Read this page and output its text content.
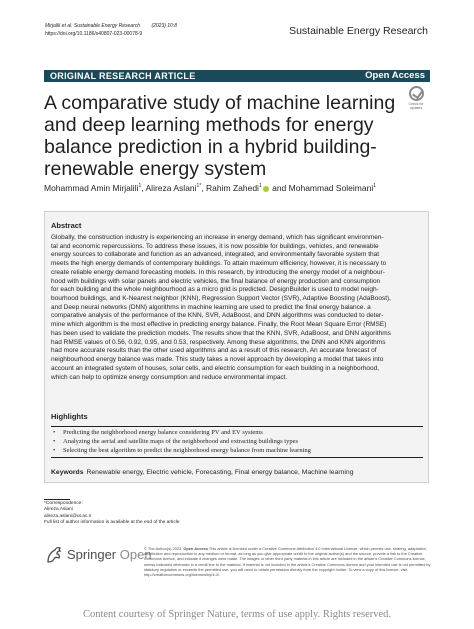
Mirjalili et al. Sustainable Energy Research (2023) 10:8
https://doi.org/10.1186/s40807-023-00078-9	Sustainable Energy Research
ORIGINAL RESEARCH ARTICLE	Open Access
A comparative study of machine learning and deep learning methods for energy balance prediction in a hybrid building-renewable energy system
Check for updates
Mohammad Amin Mirjalili$^1$, Alireza Aslani$^{1*}$, Rahim Zahedi$^1$ and Mohammad Soleimani$^1$
Abstract
Globally, the construction industry is experiencing an increase in energy demand, which has significant environmen-
tal and economic repercussions. To address these issues, it is now possible for buildings, vehicles, and renewable
energy sources to collaborate and function as an advanced, integrated, and environmentally favorable system that
meets the high energy demands of contemporary buildings. To attain maximum efficiency, however, it is necessary to
create reliable energy demand forecasting models. In this research, by introducing the energy model of a neighbour-
hood with buildings with solar panels and electric vehicles, the final balance of energy production and consumption
for each building and the whole neighbourhood as a micro grid is predicted. DesignBuilder is used to model neigh-
bourhood buildings, and K-Nearest neighbor (KNN), Regression Support Vector (SVR), Adaptive Boosting (AdaBoost),
and Deep neural networks (DNN) algorithms in machine learning are used to predict the final energy balance. a
comparative analysis of the performance of the KNN, SVR, AdaBoost, and DNN algorithms was conducted to deter-
mine which algorithm is the most effective in predicting energy balance. Finally, the Root Mean Square Error (RMSE)
has been used to validate the prediction models. The results show that the KNN, SVR, AdaBoost, and DNN algorithms
had RMSE values of 0.56, 0.92, 0.95, and 0.53, respectively. Among these algorithms, the DNN and KNN algorithms
had more accurate results than the other used algorithms and as a result of this research, An accurate forecast of
neighbourhood energy balance was made. This study takes a novel approach by developing a model that takes into
account an integrated system of houses, solar cells, and electric consumption for each building in a neighborhood,
which can help to optimize energy consumption and reduce environmental impact.
Highlights
• Predicting the neighborhood energy balance considering PV and EV systems
• Analyzing the aerial and satellite maps of the neighborhood and extracting buildings types
• Selecting the best algorithm to predict the neighborhood energy balance from machine learning
Keywords Renewable energy, Electric vehicle, Forecasting, Final energy balance, Machine learning
*Correspondence:
Alireza Aslani
alireza.aslani@ut.ac.ir
Full list of author information is available at the end of the article
Springer Open
© The Author(s) 2023. Open Access This article is licensed under a Creative Commons Attribution 4.0 International License, which permits use, sharing, adaptation, distribution and reproduction in any medium or format, as long as you give appropriate credit to the original author(s) and the source, provide a link to the Creative Commons licence, and indicate if changes were made. The images or other third party material in this article are included in the article's Creative Commons licence, unless indicated otherwise in a credit line to the material. If material is not included in the article's Creative Commons licence and your intended use is not permitted by statutory regulation or exceeds the permitted use, you will need to obtain permission directly from the copyright holder. To view a copy of this licence, visit http://creativecommons.org/licenses/by/4.0/.
Content courtesy of Springer Nature, terms of use apply. Rights reserved.
